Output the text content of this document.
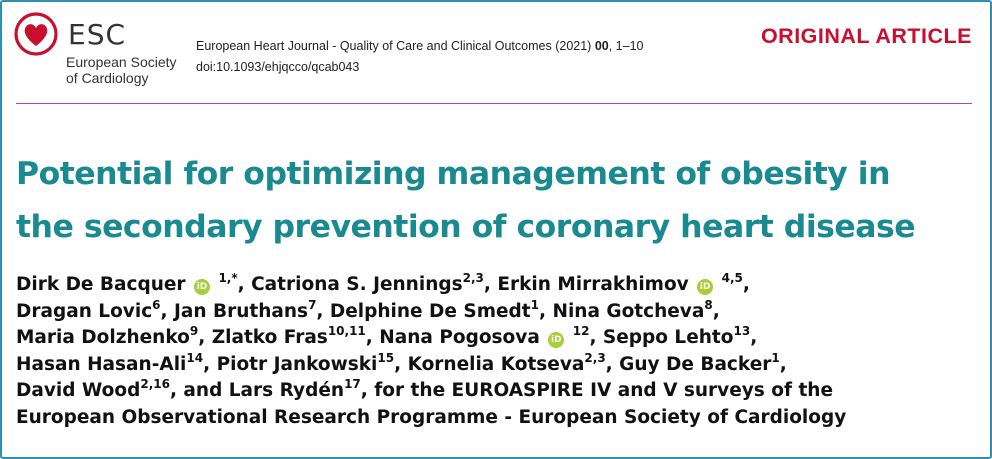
ESC
European Society
of Cardiology
European Heart Journal - Quality of Care and Clinical Outcomes (2021) 00, 1–10
doi:10.1093/ehjqcco/qcab043
ORIGINAL ARTICLE
Potential for optimizing management of obesity in
the secondary prevention of coronary heart disease
Dirk De Bacquer iD $^{1,*}$, Catriona S. Jennings$^{2,3}$, Erkin Mirrakhimov iD $^{4,5}$,
Dragan Lovic$^6$, Jan Bruthans$^7$, Delphine De Smedt$^1$, Nina Gotcheva$^8$,
Maria Dolzhenko$^9$, Zlatko Fras$^{10,11}$, Nana Pogosova iD $^{12}$, Seppo Lehto$^{13}$,
Hasan Hasan-Ali$^{14}$, Piotr Jankowski$^{15}$, Kornelia Kotseva$^{2,3}$, Guy De Backer$^1$,
David Wood$^{2,16}$, and Lars Rydén$^{17}$, for the EUROASPIRE IV and V surveys of the
European Observational Research Programme - European Society of Cardiology
